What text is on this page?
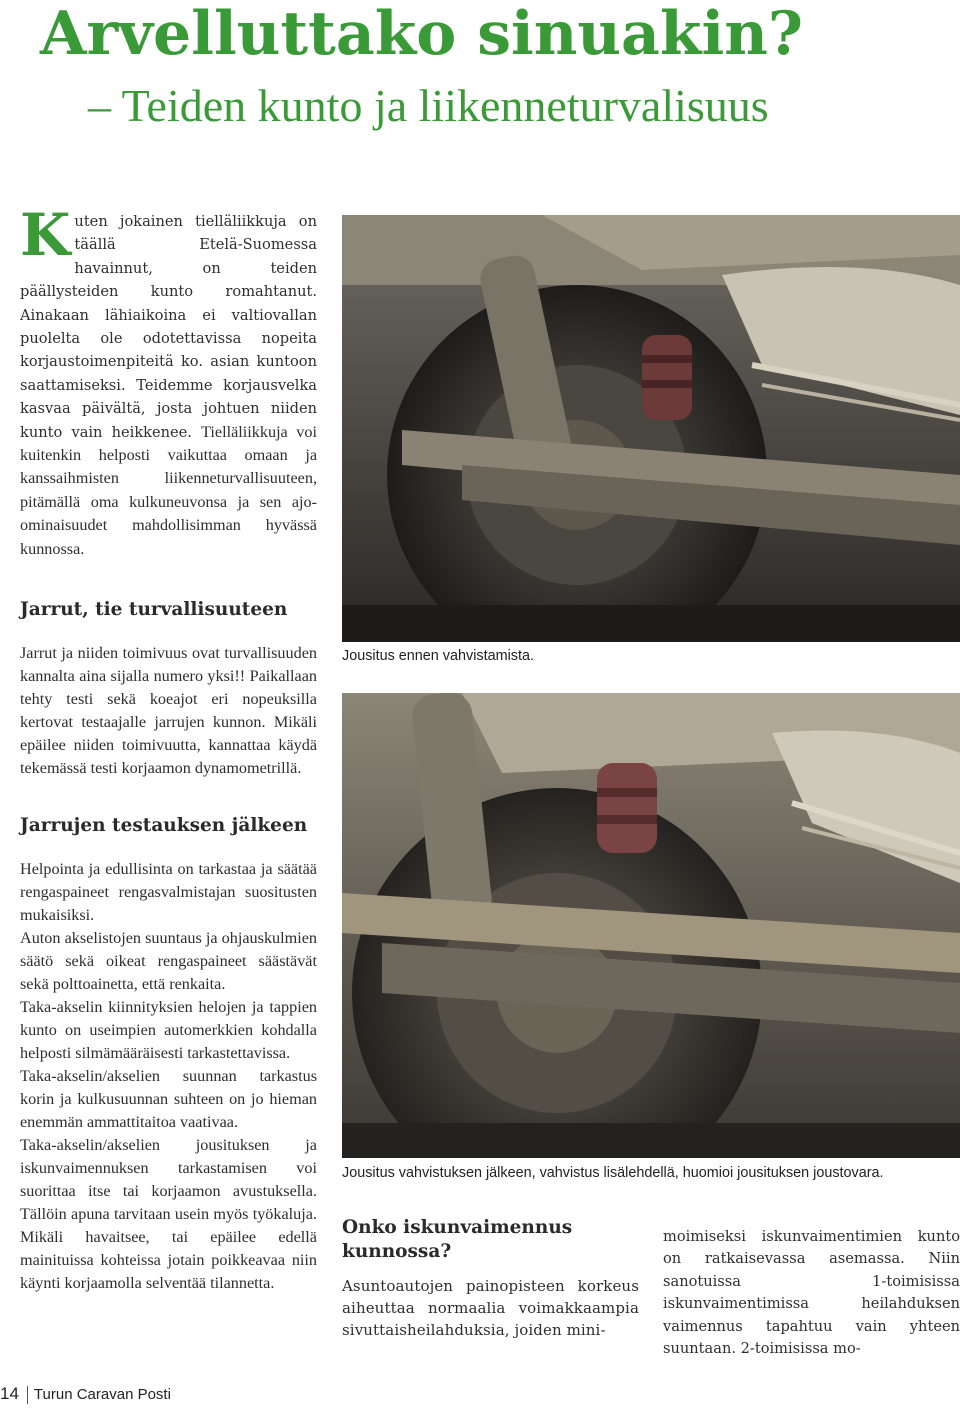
Arvelluttako sinuakin?
– Teiden kunto ja liikenneturvalisuus

Kuten jokainen tielläliikkuja on täällä Etelä-Suomessa havainnut, on teiden päällysteiden kunto romahtanut. Ainakaan lähiaikoina ei valtiovallan puolelta ole odotettavissa nopeita korjaustoimenpiteitä ko. asian kuntoon saattamiseksi. Teidemme korjausvelka kasvaa päivältä, josta johtuen niiden kunto vain heikkenee. Tielläliikkuja voi kuitenkin helposti vaikuttaa omaan ja kanssaihmisten liikenneturvallisuuteen, pitämällä oma kulkuneuvonsa ja sen ajo-ominaisuudet mahdollisimman hyvässä kunnossa.

Jarrut, tie turvallisuuteen

Jarrut ja niiden toimivuus ovat turvallisuuden kannalta aina sijalla numero yksi!! Paikallaan tehty testi sekä koeajot eri nopeuksilla kertovat testaajalle jarrujen kunnon. Mikäli epäilee niiden toimivuutta, kannattaa käydä tekemässä testi korjaamon dynamometrillä.

Jarrujen testauksen jälkeen

Helpointa ja edullisinta on tarkastaa ja säätää rengaspaineet rengasvalmistajan suositusten mukaisiksi.

Auton akselistojen suuntaus ja ohjauskulmien säätö sekä oikeat rengaspaineet säästävät sekä polttoainetta, että renkaita.

Taka-akselin kiinnityksien helojen ja tappien kunto on useimpien automerkkien kohdalla helposti silmämääräisesti tarkastettavissa.

Taka-akselin/akselien suunnan tarkastus korin ja kulkusuunnan suhteen on jo hieman enemmän ammattitaitoa vaativaa.

Taka-akselin/akselien jousituksen ja iskunvaimennuksen tarkastamisen voi suorittaa itse tai korjaamon avustuksella. Tällöin apuna tarvitaan usein myös työkaluja. Mikäli havaitsee, tai epäilee edellä mainituissa kohteissa jotain poikkeavaa niin käynti korjaamolla selventää tilannetta.

Jousitus ennen vahvistamista.

Jousitus vahvistuksen jälkeen, vahvistus lisälehdellä, huomioi jousituksen joustovara.

Onko iskunvaimennus kunnossa?

Asuntoautojen painopisteen korkeus aiheuttaa normaalia voimakkaampia sivuttaisheilahduksia, joiden mini-

moimiseksi iskunvaimentimien kunto on ratkaisevassa asemassa. Niin sanotuissa 1-toimisissa iskunvaimentimissa heilahduksen vaimennus tapahtuu vain yhteen suuntaan. 2-toimisissa mo-

14 Turun Caravan Posti
